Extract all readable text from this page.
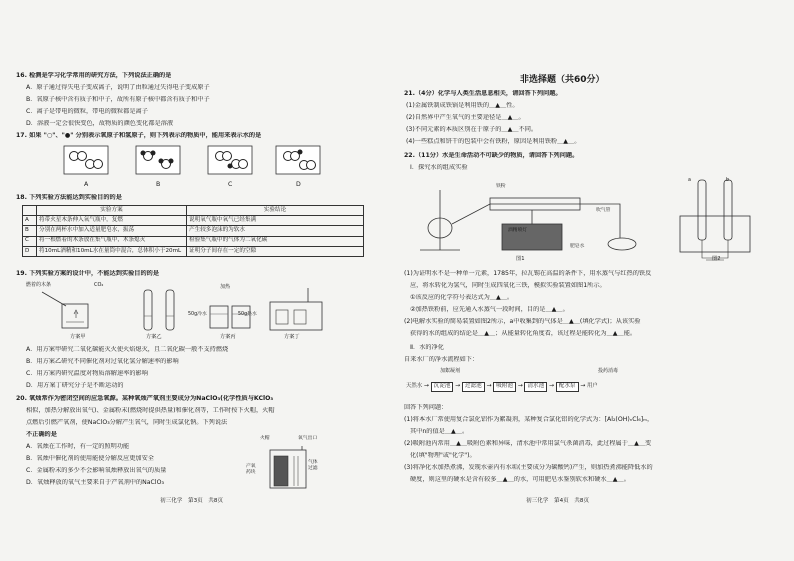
16. 检测是学习化学常用的研究方法，下列说法正确的是
A．原子通过得失电子变成离子，说明了由粒通过失得电子变成原子
B．氧原子核中含有质子和中子，故所有原子核中都含有质子和中子
C．离子是带电的微粒，带电的微粒都是离子
D．溶液一定会很快变色，故物质的颜色变化都是溶液
17. 如果 "○"、"●" 分别表示氧原子和氢原子，则下列表示的物质中，能用来表示水的是
A	B	C	D
18. 下列实验方法能达到实验目的的是
	实验方案	实验结论
A	将带火星木条伸入氧气瓶中，复燃	说明氧气瓶中氧气已经集满
B	分别在两杯水中加入适量肥皂水，振荡	产生较多泡沫的为软水
C	将一根燃着的木条放在集气瓶中，木条熄灭	检验集气瓶中的气体为二氧化碳
D	将10mL酒精和10mL水在量筒中混合，总体积小于20mL	证明分子间存在一定的空隙
19. 下列实验方案的设计中，不能达到实验目的的是
燃着的木条	CO₂	加热
50g冷水	50g热水
方案甲	方案乙	方案丙	方案丁
A．用方案甲研究二氧化碳能灭火使火焰熄灭，且二氧化碳一般不支持燃烧
B．用方案乙研究不同催化剂对过氧化氢分解速率的影响
C．用方案丙研究温度对物质溶解速率的影响
D．用方案丁研究分子是不断运动的
20. 氧烛常作为密闭空间的应急氧源。某种氧烛产氧剂主要成分为NaClO₃(化学性质与KClO₃
相似，加热分解放出氧气)、金属粉末(燃烧时提供热量)和催化剂等，工作时按下火帽，火帽
点燃后引燃产氧剂，使NaClO₃分解产生氧气，同时生成氯化钠。下列说法
不正确的是
A．氧烛在工作时，有一定的照明功能
B．氧烛中催化剂的使用能使分解反应更加安全
C．金属粉末的多少不会影响氧烛释放出氧气的质量
D．氧烛释放的氧气主要来自于产氧剂中的NaClO₃
火帽	氧气出口
产氧药块
气体过滤
初三化学　第3页　共8页
非选择题（共60分）
21.（4分）化学与人类生活息息相关，请回答下列问题。
(1)金属铁制成铁锅是利用铁的＿▲＿性。
(2)自然界中产生氧气的主要途径是＿▲＿。
(3)不同元素的本质区别在于原子的＿▲＿不同。
(4)一些糕点和饼干的包装中会有铁粉，原因是利用铁粉＿▲＿。
22.（11分）水是生命活动不可缺少的物质，请回答下列问题。
Ⅰ．探究水的组成实验
铁粉
吹气管
肥皂水
酒精喷灯
图1
a	b
图2
(1)为证明水不是一种单一元素，1785年，拉瓦锡在高温的条件下，用水蒸气与红热的铁反
应，将水转化为氢气，同时生成四氧化三铁，模拟实验装置如图1所示。
①该反应的化学符号表达式为＿▲＿。
②加热铁粉前，应先通入水蒸气一段时间，目的是＿▲＿。
(2)电解水实验的简易装置如图2所示，a中收集到的气体是＿▲＿(填化学式)；从该实验
获得的水的组成的结论是＿▲＿；从能量转化角度看，该过程是能转化为＿▲＿能。
Ⅱ．水的净化
自来水厂的净水流程如下：
加絮凝剂	投药消毒
天然水 → 沉淀池 → 过滤池 → 吸附池 → 清水池 → 配水泵 → 用户
回答下列问题：
(1)将本水厂常使用复合氯化铝作为絮凝剂，某种复合氯化铝的化学式为：[Al₂(OH)ₙCl₆]ₘ，
其中n的值是＿▲＿。
(2)吸附池内常用＿▲＿吸附色素和异味，清水池中常用氯气杀菌消毒，此过程属于＿▲＿变
化(填"物理"或"化学")。
(3)将净化水加热煮沸，发现水壶内有水垢(主要成分为碳酸钙)产生，则加热煮沸能降低水的
硬度，则这里的硬水是含有较多＿▲＿的水，可用肥皂水鉴别软水和硬水＿▲＿。
初三化学　第4页　共8页
